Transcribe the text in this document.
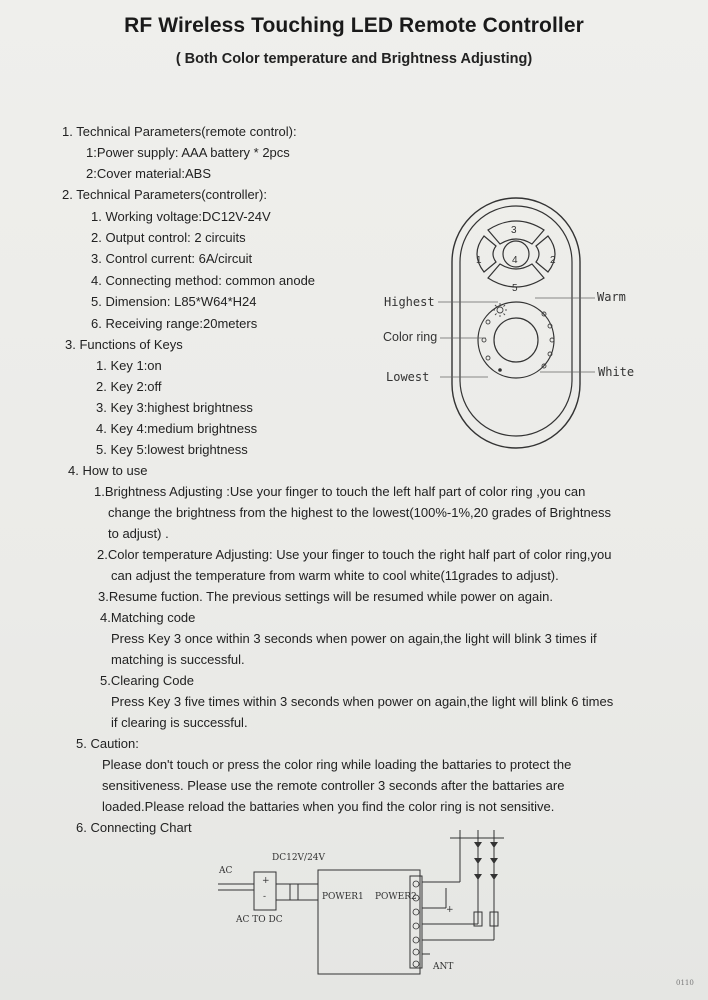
RF Wireless Touching LED Remote Controller
( Both Color temperature and Brightness Adjusting)
1. Technical Parameters(remote control):
1:Power supply: AAA battery * 2pcs
2:Cover material:ABS
2. Technical Parameters(controller):
1. Working voltage:DC12V-24V
2. Output control: 2 circuits
3. Control current: 6A/circuit
4. Connecting method: common anode
5. Dimension: L85*W64*H24
6. Receiving range:20meters
3. Functions of Keys
1. Key 1:on
2. Key 2:off
3. Key 3:highest brightness
4. Key 4:medium brightness
5. Key 5:lowest brightness
4. How to use
1.Brightness Adjusting :Use your finger to touch the left half part of color ring ,you can
change the brightness from the highest to the lowest(100%-1%,20 grades of Brightness
to adjust) .
2.Color temperature Adjusting: Use your finger to touch the right half part of color ring,you
can adjust the temperature from warm white to cool white(11grades to adjust).
3.Resume fuction. The previous settings will be resumed while power on again.
4.Matching code
Press Key 3 once within 3 seconds when power on again,the light will blink 3 times if
matching is successful.
5.Clearing Code
Press Key 3 five times within 3 seconds when power on again,the light will blink 6 times
if clearing is successful.
5. Caution:
Please don't touch or press the color ring while loading the battaries to protect the
sensitiveness. Please use the remote controller 3 seconds after the battaries are
loaded.Please reload the battaries when you find the color ring is not sensitive.
6. Connecting Chart
3
1	4	2
5
Highest
Color ring
Lowest
Warm
White
AC
DC12V/24V
+
-
AC TO DC
POWER1 POWER2
+
ANT
0110
